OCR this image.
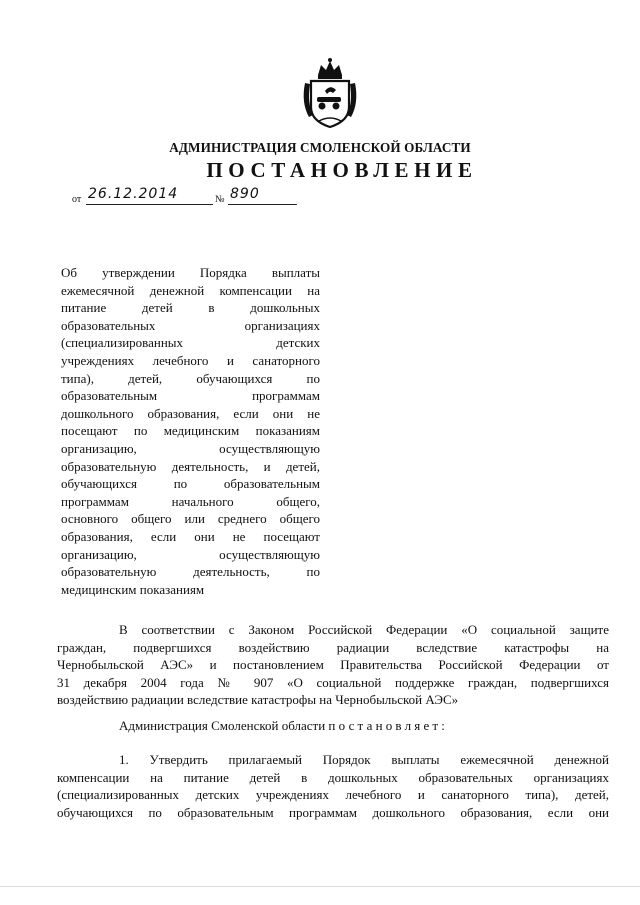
АДМИНИСТРАЦИЯ СМОЛЕНСКОЙ ОБЛАСТИ
ПОСТАНОВЛЕНИЕ
от 26.12.2014	№ 890
Об утверждении Порядка выплаты
ежемесячной денежной компенсации на
питание детей в дошкольных
образовательных организациях
(специализированных детских
учреждениях лечебного и санаторного
типа), детей, обучающихся по
образовательным программам
дошкольного образования, если они не
посещают по медицинским показаниям
организацию, осуществляющую
образовательную деятельность, и детей,
обучающихся по образовательным
программам начального общего,
основного общего или среднего общего
образования, если они не посещают
организацию, осуществляющую
образовательную деятельность, по
медицинским показаниям
В соответствии с Законом Российской Федерации «О социальной защите
граждан, подвергшихся воздействию радиации вследствие катастрофы на
Чернобыльской АЭС» и постановлением Правительства Российской Федерации от
31 декабря 2004 года № 907 «О социальной поддержке граждан, подвергшихся
воздействию радиации вследствие катастрофы на Чернобыльской АЭС»
Администрация Смоленской области постановляет:
1. Утвердить прилагаемый Порядок выплаты ежемесячной денежной
компенсации на питание детей в дошкольных образовательных организациях
(специализированных детских учреждениях лечебного и санаторного типа), детей,
обучающихся по образовательным программам дошкольного образования, если они
